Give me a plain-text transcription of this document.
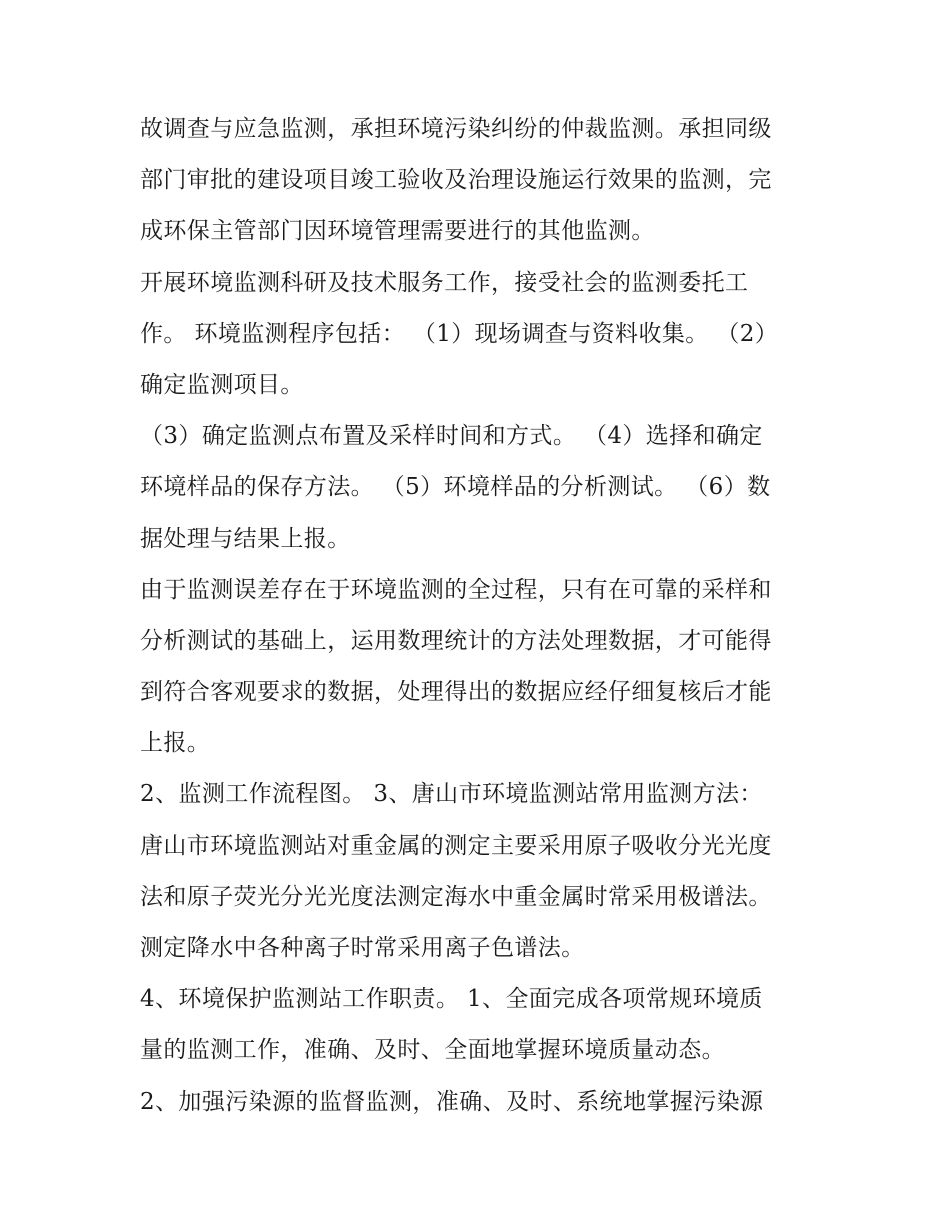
故调查与应急监测，承担环境污染纠纷的仲裁监测。承担同级
部门审批的建设项目竣工验收及治理设施运行效果的监测，完
成环保主管部门因环境管理需要进行的其他监测。
开展环境监测科研及技术服务工作，接受社会的监测委托工
作。 环境监测程序包括： （1）现场调查与资料收集。 （2）
确定监测项目。
（3）确定监测点布置及采样时间和方式。 （4）选择和确定
环境样品的保存方法。 （5）环境样品的分析测试。 （6）数
据处理与结果上报。
由于监测误差存在于环境监测的全过程，只有在可靠的采样和
分析测试的基础上，运用数理统计的方法处理数据，才可能得
到符合客观要求的数据，处理得出的数据应经仔细复核后才能
上报。
2、监测工作流程图。 3、唐山市环境监测站常用监测方法：
唐山市环境监测站对重金属的测定主要采用原子吸收分光光度
法和原子荧光分光光度法测定海水中重金属时常采用极谱法。
测定降水中各种离子时常采用离子色谱法。
4、环境保护监测站工作职责。 1、全面完成各项常规环境质
量的监测工作，准确、及时、全面地掌握环境质量动态。
2、加强污染源的监督监测，准确、及时、系统地掌握污染源
